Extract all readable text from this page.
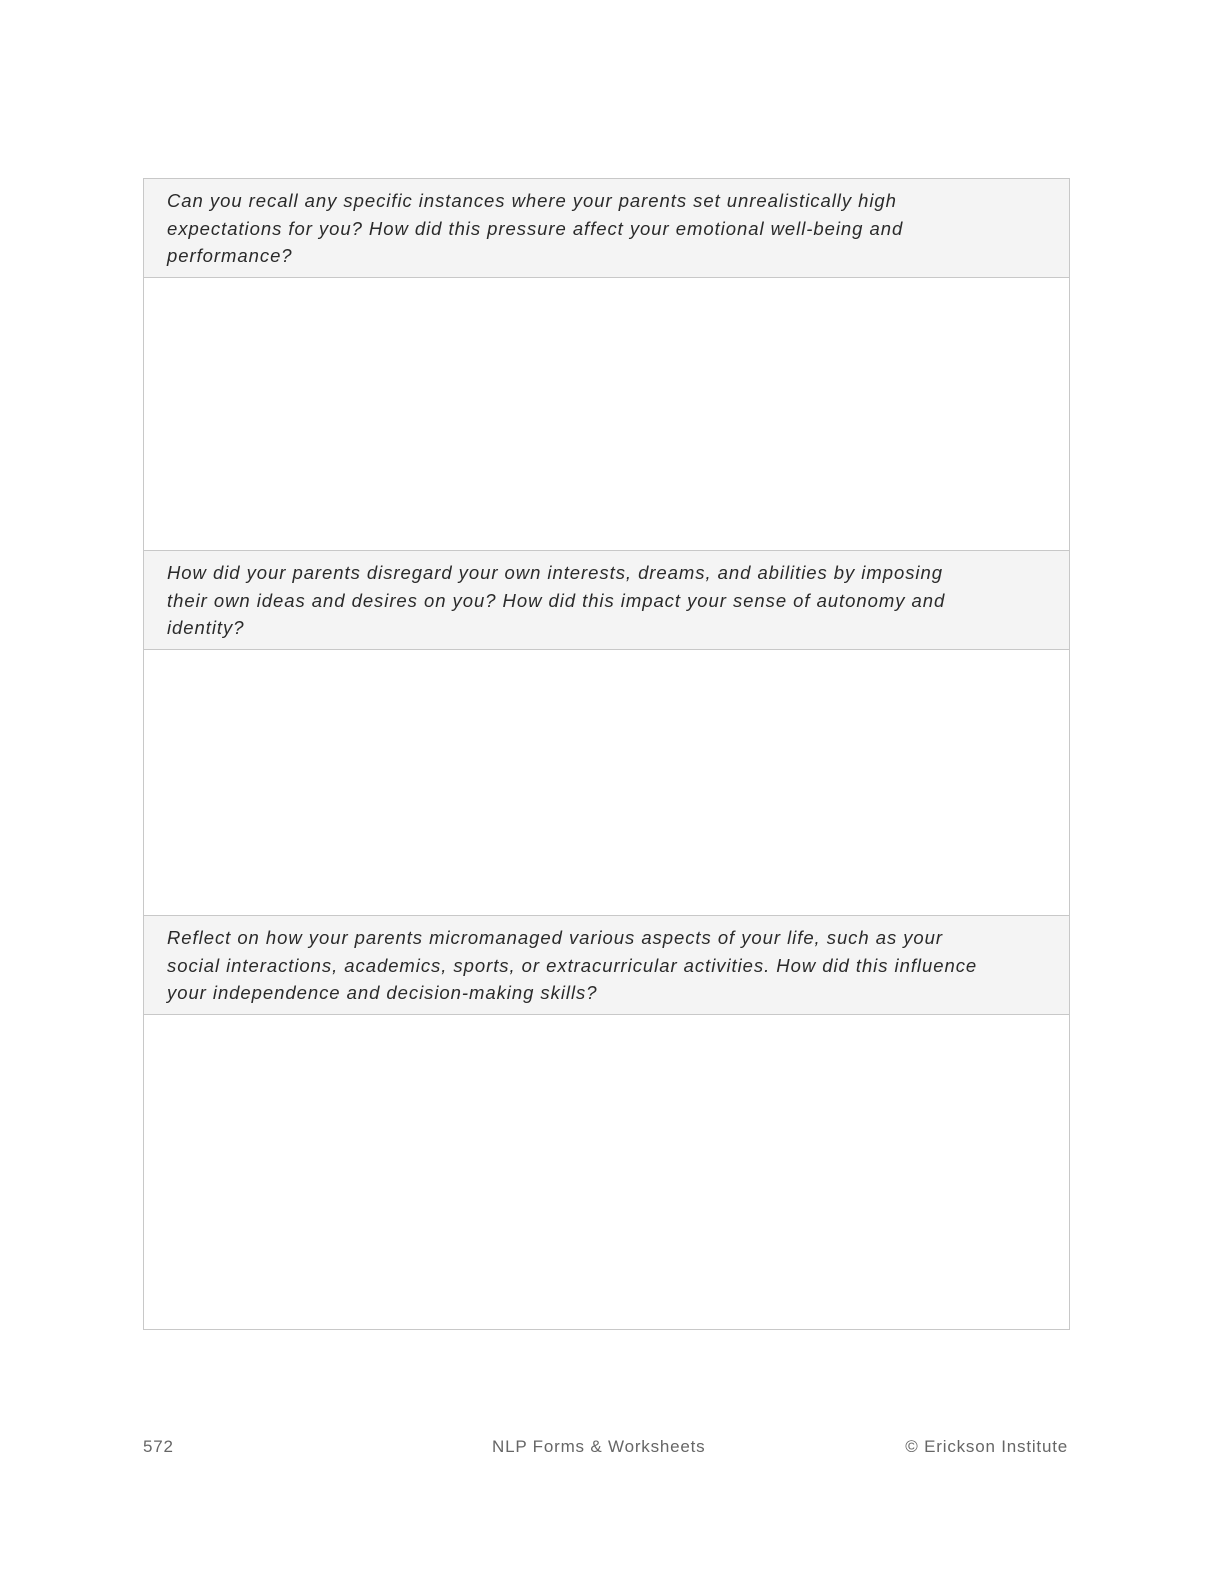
Can you recall any specific instances where your parents set unrealistically high
expectations for you? How did this pressure affect your emotional well-being and
performance?
How did your parents disregard your own interests, dreams, and abilities by imposing
their own ideas and desires on you? How did this impact your sense of autonomy and
identity?
Reflect on how your parents micromanaged various aspects of your life, such as your
social interactions, academics, sports, or extracurricular activities. How did this influence
your independence and decision-making skills?
572	NLP Forms & Worksheets	© Erickson Institute
